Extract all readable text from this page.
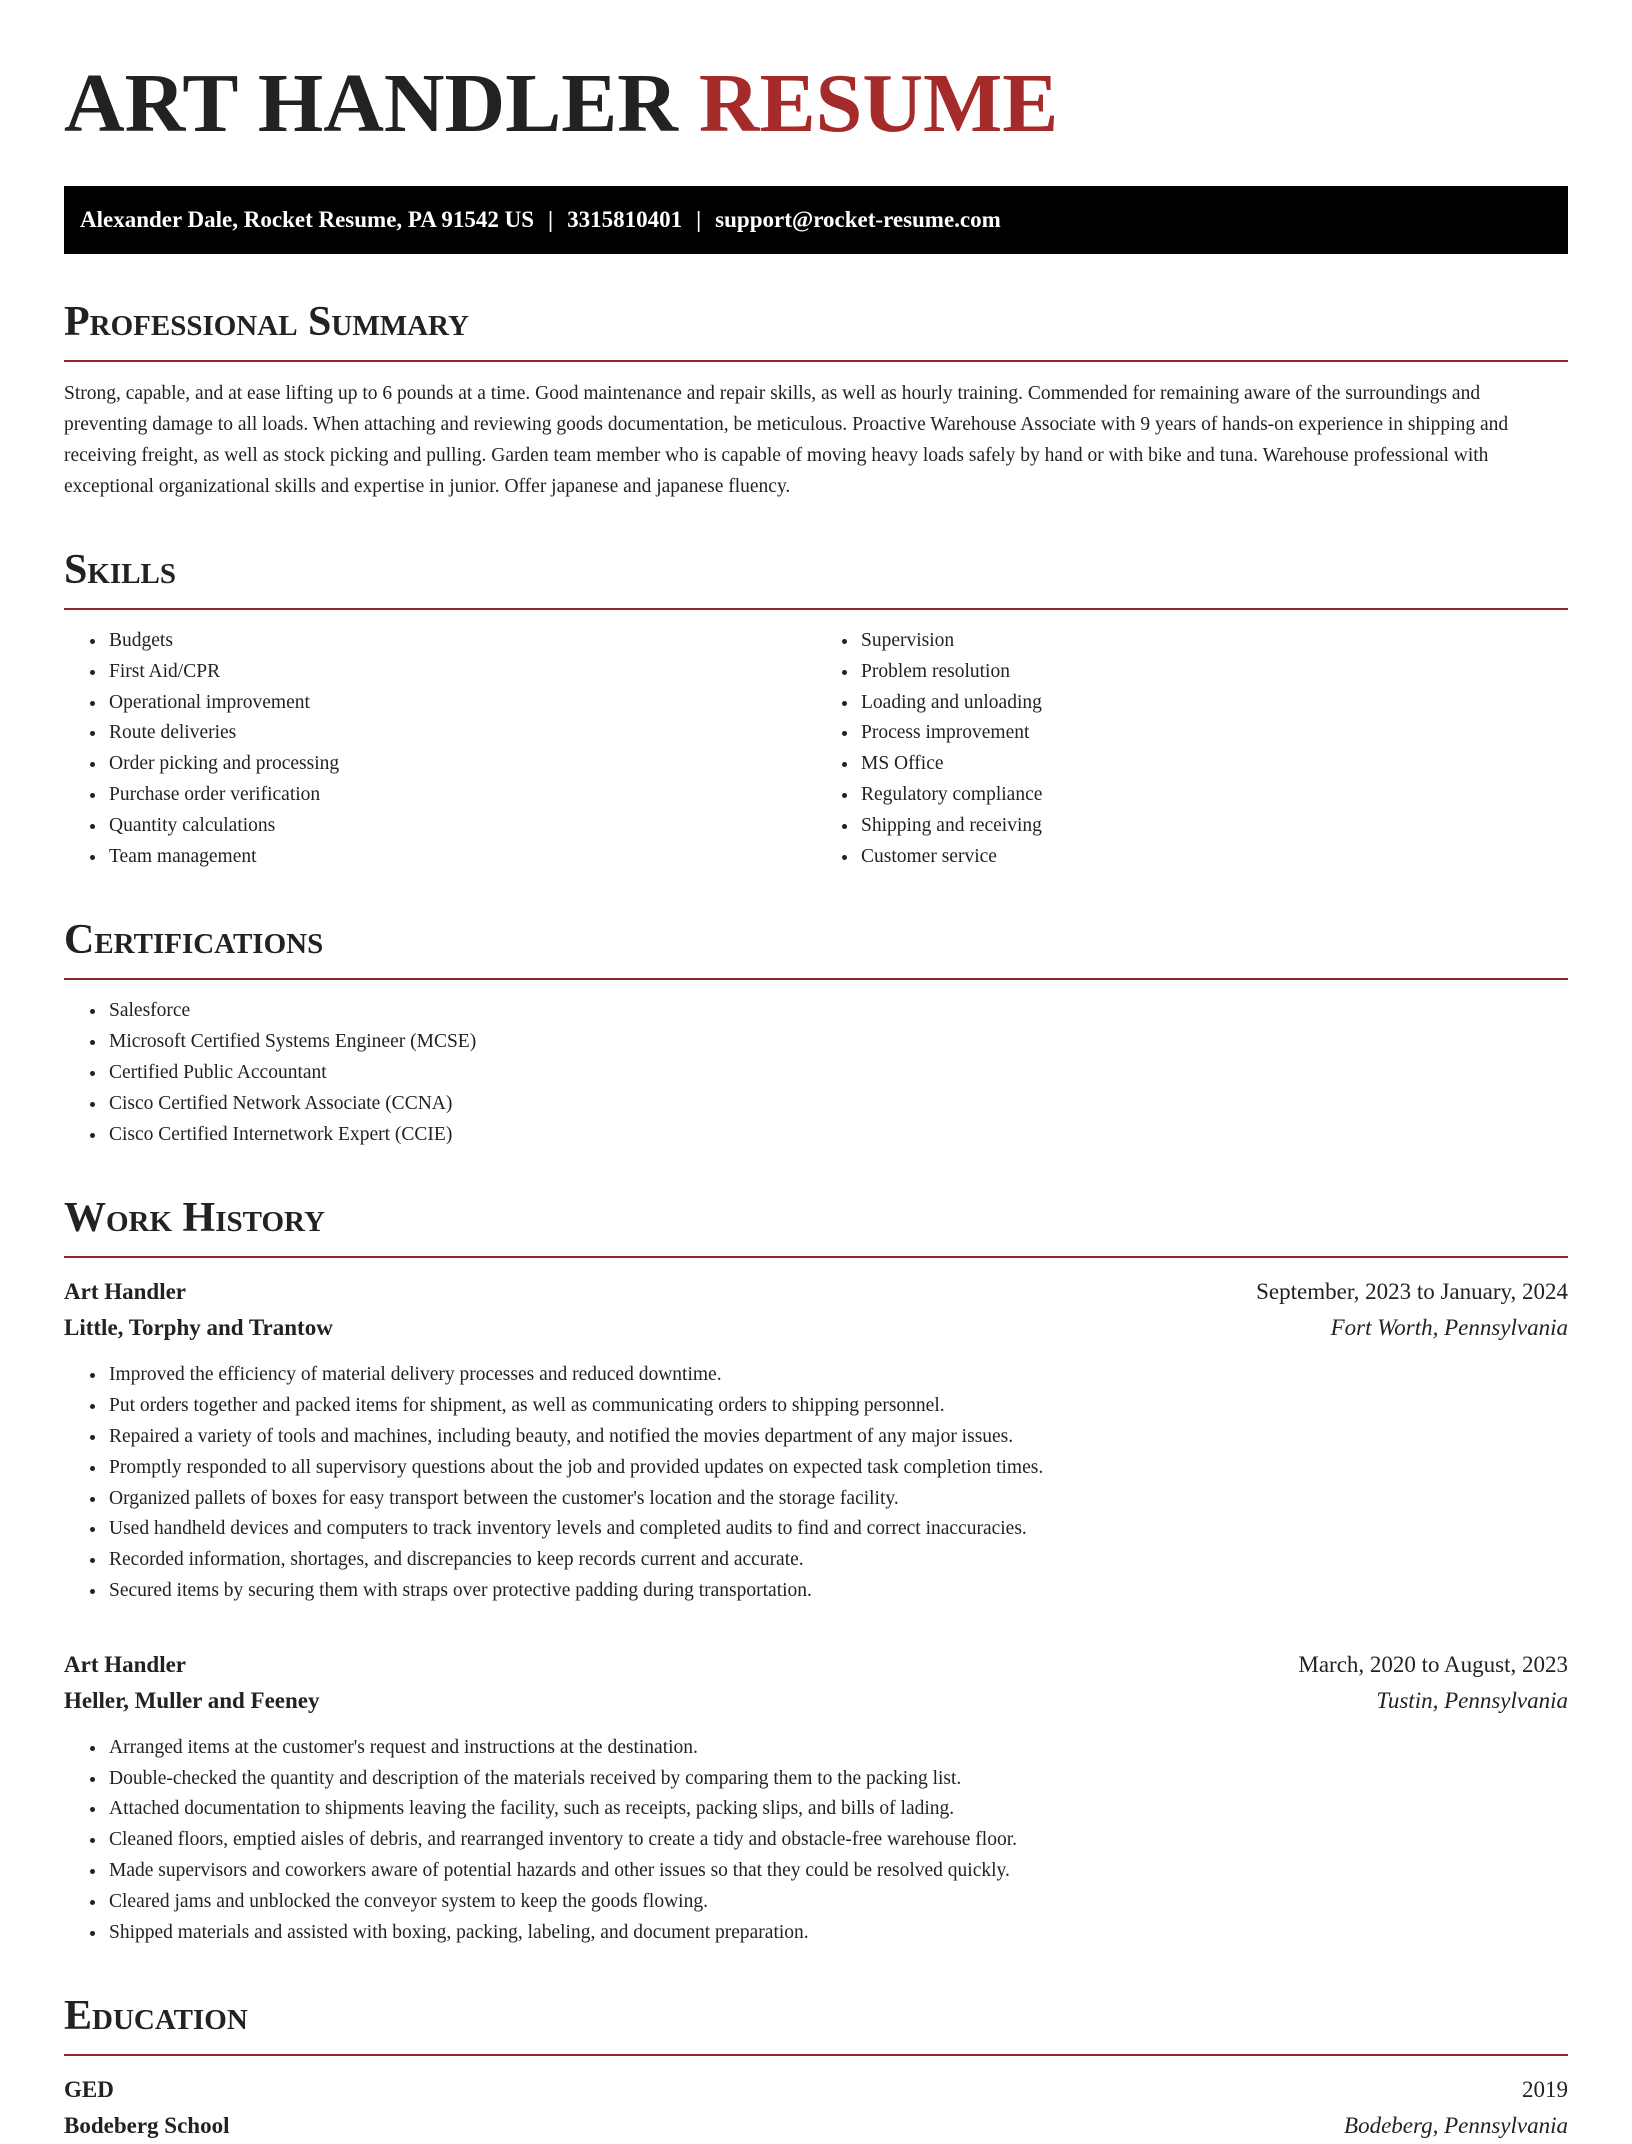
ART HANDLER RESUME
Alexander Dale, Rocket Resume, PA 91542 US | 3315810401 | support@rocket-resume.com
Professional Summary
Strong, capable, and at ease lifting up to 6 pounds at a time. Good maintenance and repair skills, as well as hourly training. Commended for remaining aware of the surroundings and preventing damage to all loads. When attaching and reviewing goods documentation, be meticulous. Proactive Warehouse Associate with 9 years of hands-on experience in shipping and receiving freight, as well as stock picking and pulling. Garden team member who is capable of moving heavy loads safely by hand or with bike and tuna. Warehouse professional with exceptional organizational skills and expertise in junior. Offer japanese and japanese fluency.
Skills
• Budgets
• First Aid/CPR
• Operational improvement
• Route deliveries
• Order picking and processing
• Purchase order verification
• Quantity calculations
• Team management
• Supervision
• Problem resolution
• Loading and unloading
• Process improvement
• MS Office
• Regulatory compliance
• Shipping and receiving
• Customer service
Certifications
• Salesforce
• Microsoft Certified Systems Engineer (MCSE)
• Certified Public Accountant
• Cisco Certified Network Associate (CCNA)
• Cisco Certified Internetwork Expert (CCIE)
Work History
Art Handler	September, 2023 to January, 2024
Little, Torphy and Trantow	Fort Worth, Pennsylvania
• Improved the efficiency of material delivery processes and reduced downtime.
• Put orders together and packed items for shipment, as well as communicating orders to shipping personnel.
• Repaired a variety of tools and machines, including beauty, and notified the movies department of any major issues.
• Promptly responded to all supervisory questions about the job and provided updates on expected task completion times.
• Organized pallets of boxes for easy transport between the customer's location and the storage facility.
• Used handheld devices and computers to track inventory levels and completed audits to find and correct inaccuracies.
• Recorded information, shortages, and discrepancies to keep records current and accurate.
• Secured items by securing them with straps over protective padding during transportation.
Art Handler	March, 2020 to August, 2023
Heller, Muller and Feeney	Tustin, Pennsylvania
• Arranged items at the customer's request and instructions at the destination.
• Double-checked the quantity and description of the materials received by comparing them to the packing list.
• Attached documentation to shipments leaving the facility, such as receipts, packing slips, and bills of lading.
• Cleaned floors, emptied aisles of debris, and rearranged inventory to create a tidy and obstacle-free warehouse floor.
• Made supervisors and coworkers aware of potential hazards and other issues so that they could be resolved quickly.
• Cleared jams and unblocked the conveyor system to keep the goods flowing.
• Shipped materials and assisted with boxing, packing, labeling, and document preparation.
Education
GED	2019
Bodeberg School	Bodeberg, Pennsylvania
